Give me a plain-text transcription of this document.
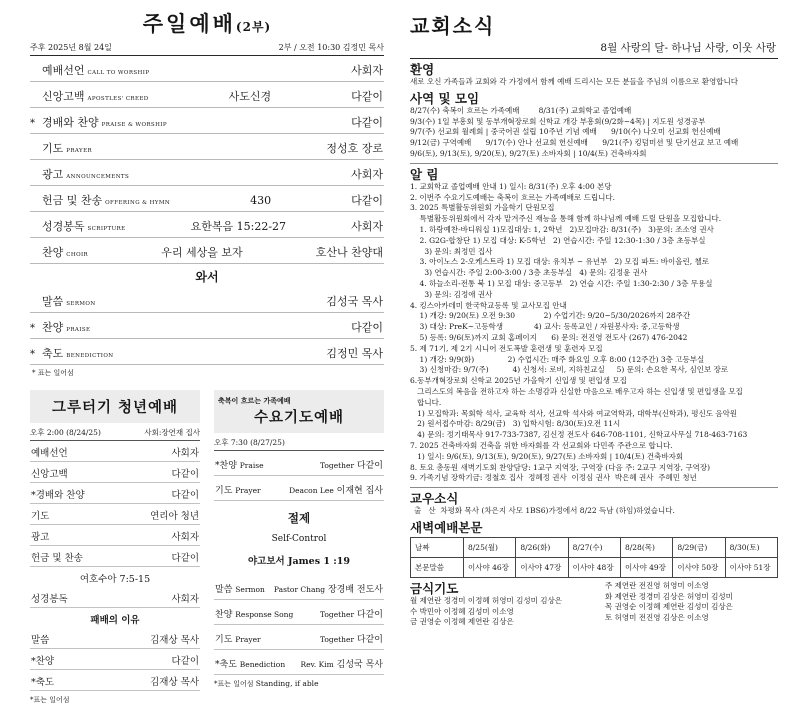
주일예배(2부)
주후 2025년 8월 24일	2부 / 오전 10:30 김정민 목사
예배선언 CALL TO WORSHIP	사회자
신앙고백 APOSTLES' CREED	사도신경	다같이
* 경배와 찬양 PRAISE & WORSHIP	다같이
기도 PRAYER	정성호 장로
광고 ANNOUNCEMENTS	사회자
헌금 및 찬송 OFFERING & HYMN	430	다같이
성경봉독 SCRIPTURE	요한복음 15:22-27	사회자
찬양 CHOIR	우리 세상을 보자	호산나 찬양대
와서
말씀 SERMON	김성국 목사
* 찬양 PRAISE	다같이
* 축도 BENEDICTION	김정민 목사
* 표는 일어섬
그루터기 청년예배
오후 2:00 (8/24/25)	사회:장연재 집사
예배선언	사회자
신앙고백	다같이
*경배와 찬양	다같이
기도	연리아 청년
광고	사회자
헌금 및 찬송	다같이
여호수아 7:5-15
성경봉독	사회자
패배의 이유
말씀	김재상 목사
*찬양	다같이
*축도	김재상 목사
*표는 일어섬
축복이 흐르는 가족예배
수요기도예배
오후 7:30 (8/27/25)
*찬양 Praise	Together 다같이
기도 Prayer	Deacon Lee 이재현 집사
절제
Self-Control
야고보서 James 1 :19
말씀 Sermon Pastor Chang 장경배 전도사
찬양 Response Song	Together 다같이
기도 Prayer	Together 다같이
*축도 Benediction Rev. Kim 김성국 목사
*표는 일어섬 Standing, if able
교회소식
8월 사랑의 달- 하나님 사랑, 이웃 사랑
환영
새로 오신 가족들과 교회와 각 가정에서 함께 예배 드리시는 모든 분들을 주님의 이름으로 환영합니다
사역 및 모임
8/27(수) 축복이 흐르는 가족예배        8/31(주) 교회학교 졸업예배
9/3(수) 1일 부흥회 및 동부개혁장로회 신학교 개강 부흥회(9/2화~4목) | 지도원 성경공부
9/7(주) 선교회 월례회 | 중국어권 설립 10주년 기념 예배      9/10(수) 나오미 선교회 헌신예배
9/12(금) 구역예배      9/17(수) 안나 선교회 헌신예배      9/21(주) 킹덤미션 및 단기선교 보고 예배
9/6(토), 9/13(토), 9/20(토), 9/27(토) 소바자회 | 10/4(토) 건축바자회
알 림
1. 교회학교 졸업예배 안내 1) 일시: 8/31(주) 오후 4:00 본당
2. 이번주 수요기도예배는 축복이 흐르는 가족예배로 드립니다.
3. 2025 특별활동위원회 가을학기 단원모집
특별활동위원회에서 각자 맡겨주신 재능을 통해 함께 하나님께 예배 드릴 단원을 모집합니다.
1. 하랑예찬-바디워십 1)모집대상: 1, 2학년   2)모집마감: 8/31(주)   3)문의: 조소영 권사
2. G2G-합창단 1) 모집 대상: K-5학년   2) 연습시간: 주일 12:30-1:30 / 3층 초등부실
3) 문의: 최정민 집사
3. 아이노스 2-오케스트라 1) 모집 대상: 유치부 ~ 유년부   2) 모집 파트: 바이올린, 첼로
3) 연습시간: 주일 2:00-3:00 / 3층 초등부실   4) 문의: 김정윤 권사
4. 하늘소리-전통 북 1) 모집 대상: 중고등부   2) 연습 시간: 주일 1:30-2:30 / 3층 무용실
3) 문의: 김정애 권사
4. 킹스아카데미 한국학교등록 및 교사모집 안내
1) 개강: 9/20(토) 오전 9:30            2) 수업기간: 9/20~5/30/2026까지 28주간
3) 대상: PreK~고등학생             4) 교사: 등록교인 / 자원봉사자: 중,고등학생
5) 등록: 9/6(토)까지 교회 홈페이지      6) 문의: 전진영 전도사 (267) 476-2042
5. 제 71기, 제 2기 시니어 전도폭발 훈련생 및 훈련자 모집
1) 개강: 9/9(화)              2) 수업시간: 매주 화요일 오후 8:00 (12주간) 3층 고등부실
3) 신청마감: 9/7(주)          4) 신청서: 로비, 지하친교실     5) 문의: 손요한 목사, 심인보 장로
6.동부개혁장로회 신학교 2025년 가을학기 신입생 및 편입생 모집
그리스도의 복음을 전하고자 하는 소명감과 신실한 마음으로 배우고자 하는 신입생 및 편입생을 모집
합니다.
1) 모집학과: 목회학 석사, 교육학 석사, 선교학 석사와 여교역학과, 대학부(신학과), 평신도 음악원
2) 원서접수마감: 8/29(금)   3) 입학시험: 8/30(토)오전 11시
4) 문의: 정기태목사 917-733-7387, 김신정 전도사 646-708-1101, 신학교사무실 718-463-7163
7. 2025 건축바자회 건축을 위한 바자회를 각 선교회와 다민족 주관으로 합니다.
1) 일시: 9/6(토), 9/13(토), 9/20(토), 9/27(토) 소바자회 | 10/4(토) 건축바자회
8. 토요 총동원 새벽기도회 찬양담당: 1교구 지역장, 구역장 (다음 주: 2교구 지역장, 구역장)
9. 가족기념 장학기금: 정철호 집사  정혜정 권사  이정심 권사  박은혜 권사  주혜민 청년
교우소식
출   산  차평화 목사 (차은지 사모 1BS6)가정에서 8/22 득남 (하임)하였습니다.
새벽예배본문
날짜	8/25(월)	8/26(화)	8/27(수)	8/28(목)	8/29(금)	8/30(토)
본문말씀	이사야 46장	이사야 47장	이사야 48장	이사야 49장	이사야 50장	이사야 51장
금식기도
월 제연란 정경미 이정혜 허영미 김성미 김상은
수 박민아 이정혜 김성미 이소영
금 권영순 이정혜 제연란 김상은
주 제연란 전진영 허영미 이소영
화 제연란 정경미 김상은 허영미 김성미
목 권영순 이정혜 제연란 김성미 김상은
토 허영미 전진영 김상은 이소영
